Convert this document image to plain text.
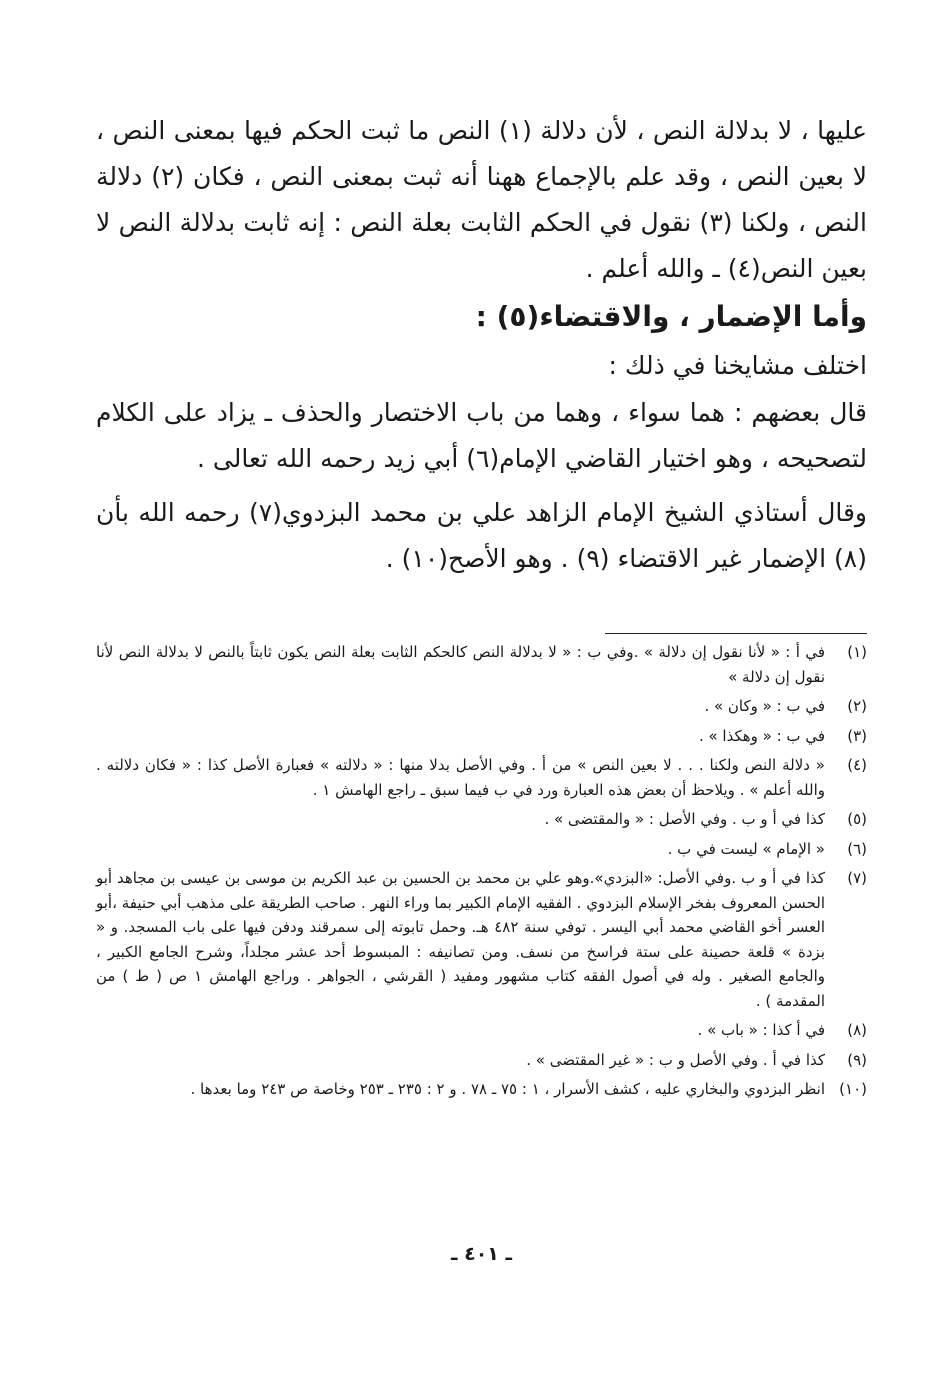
عليها ، لا بدلالة النص ، لأن دلالة (١) النص ما ثبت الحكم فيها بمعنى النص ، لا بعين النص ، وقد علم بالإجماع ههنا أنه ثبت بمعنى النص ، فكان (٢) دلالة النص ، ولكنا (٣) نقول في الحكم الثابت بعلة النص : إنه ثابت بدلالة النص لا بعين النص(٤) ـ والله أعلم .

وأما الإضمار ، والاقتضاء(٥) :

اختلف مشايخنا في ذلك :

قال بعضهم : هما سواء ، وهما من باب الاختصار والحذف ـ يزاد على الكلام لتصحيحه ، وهو اختيار القاضي الإمام(٦) أبي زيد رحمه الله تعالى .

وقال أستاذي الشيخ الإمام الزاهد علي بن محمد البزدوي(٧) رحمه الله بأن (٨) الإضمار غير الاقتضاء (٩) . وهو الأصح(١٠) .

(١)
في أ : « لأنا نقول إن دلالة » .وفي ب : « لا بدلالة النص كالحكم الثابت بعلة النص يكون ثابتاً بالنص لا بدلالة النص لأنا نقول إن دلالة »
(٢)
في ب : « وكان » .
(٣)
في ب : « وهكذا » .
(٤)
« دلالة النص ولكنا . . . لا بعين النص » من أ . وفي الأصل بدلا منها : « دلالته » فعبارة الأصل كذا : « فكان دلالته . والله أعلم » . ويلاحظ أن بعض هذه العبارة ورد في ب فيما سبق ـ راجع الهامش ١ .
(٥)
كذا في أ و ب . وفي الأصل : « والمقتضى » .
(٦)
« الإمام » ليست في ب .
(٧)
كذا في أ و ب .وفي الأصل: «البزدي».وهو علي بن محمد بن الحسين بن عبد الكريم بن موسى بن عيسى بن مجاهد أبو الحسن المعروف بفخر الإسلام البزدوي . الفقيه الإمام الكبير بما وراء النهر . صاحب الطريقة على مذهب أبي حنيفة ،أبو العسر أخو القاضي محمد أبي اليسر . توفي سنة ٤٨٢ هـ. وحمل تابوته إلى سمرقند ودفن فيها على باب المسجد. و « بزدة » قلعة حصينة على ستة فراسخ من نسف. ومن تصانيفه : المبسوط أحد عشر مجلداً، وشرح الجامع الكبير ، والجامع الصغير . وله في أصول الفقه كتاب مشهور ومفيد ( القرشي ، الجواهر . وراجع الهامش ١ ص ( ط ) من المقدمة ) .
(٨)
في أ كذا : « باب » .
(٩)
كذا في أ . وفي الأصل و ب : « غير المقتضى » .
(١٠)
انظر البزدوي والبخاري عليه ، كشف الأسرار ، ١ : ٧٥ ـ ٧٨ . و ٢ : ٢٣٥ ـ ٢٥٣ وخاصة ص ٢٤٣ وما بعدها .
ـ ٤٠١ ـ
